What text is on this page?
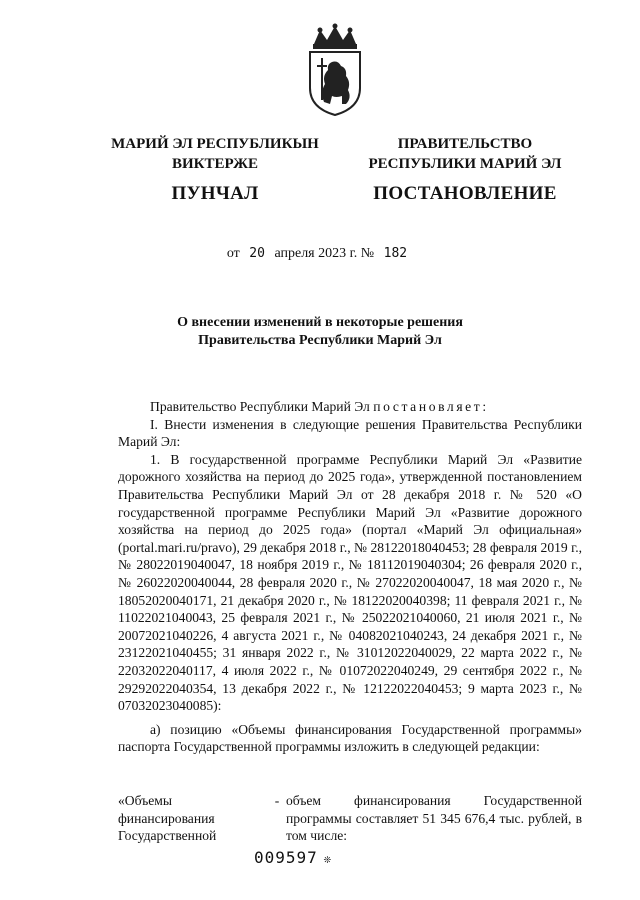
МАРИЙ ЭЛ РЕСПУБЛИКЫН
ВИКТЕРЖЕ
ПУНЧАЛ
ПРАВИТЕЛЬСТВО
РЕСПУБЛИКИ МАРИЙ ЭЛ
ПОСТАНОВЛЕНИЕ
от 20 апреля 2023 г. № 182
О внесении изменений в некоторые решения
Правительства Республики Марий Эл

Правительство Республики Марий Эл постановляет:

I. Внести изменения в следующие решения Правительства Республики Марий Эл:

1. В государственной программе Республики Марий Эл «Развитие дорожного хозяйства на период до 2025 года», утвержденной постановлением Правительства Республики Марий Эл от 28 декабря 2018 г. № 520 «О государственной программе Республики Марий Эл «Развитие дорожного хозяйства на период до 2025 года» (портал «Марий Эл официальная» (portal.mari.ru/pravo), 29 декабря 2018 г., № 28122018040453; 28 февраля 2019 г., № 28022019040047, 18 ноября 2019 г., № 18112019040304; 26 февраля 2020 г., № 26022020040044, 28 февраля 2020 г., № 27022020040047, 18 мая 2020 г., № 18052020040171, 21 декабря 2020 г., № 18122020040398; 11 февраля 2021 г., № 11022021040043, 25 февраля 2021 г., № 25022021040060, 21 июля 2021 г., № 20072021040226, 4 августа 2021 г., № 04082021040243, 24 декабря 2021 г., № 23122021040455; 31 января 2022 г., № 31012022040029, 22 марта 2022 г., № 22032022040117, 4 июля 2022 г., № 01072022040249, 29 сентября 2022 г., № 29292022040354, 13 декабря 2022 г., № 12122022040453; 9 марта 2023 г., № 07032023040085):

а) позицию «Объемы финансирования Государственной программы» паспорта Государственной программы изложить в следующей редакции:

«Объемы финансирования Государственной
- объем финансирования Государственной программы составляет 51 345 676,4 тыс. рублей, в том числе:
009597 ❊
